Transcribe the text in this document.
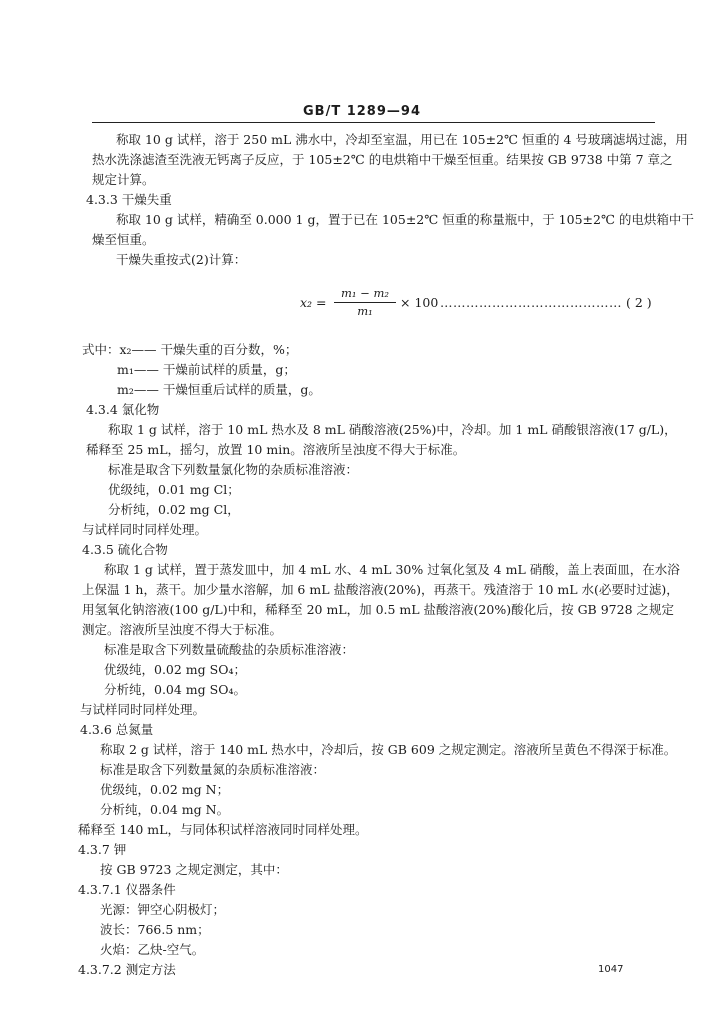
GB/T 1289—94
称取 10 g 试样，溶于 250 mL 沸水中，冷却至室温，用已在 105±2℃ 恒重的 4 号玻璃滤埚过滤，用
热水洗涤滤渣至洗液无钙离子反应，于 105±2℃ 的电烘箱中干燥至恒重。结果按 GB 9738 中第 7 章之
规定计算。
4.3.3 干燥失重
称取 10 g 试样，精确至 0.000 1 g，置于已在 105±2℃ 恒重的称量瓶中，于 105±2℃ 的电烘箱中干
燥至恒重。
干燥失重按式(2)计算：
x₂ =
m₁ − m₂
m₁
× 100 …………………………………… ( 2 )
式中：x₂—— 干燥失重的百分数，%；
m₁—— 干燥前试样的质量，g；
m₂—— 干燥恒重后试样的质量，g。
4.3.4 氯化物
称取 1 g 试样，溶于 10 mL 热水及 8 mL 硝酸溶液(25%)中，冷却。加 1 mL 硝酸银溶液(17 g/L)，
稀释至 25 mL，摇匀，放置 10 min。溶液所呈浊度不得大于标准。
标准是取含下列数量氯化物的杂质标准溶液：
优级纯，0.01 mg Cl；
分析纯，0.02 mg Cl，
与试样同时同样处理。
4.3.5 硫化合物
称取 1 g 试样，置于蒸发皿中，加 4 mL 水、4 mL 30% 过氧化氢及 4 mL 硝酸，盖上表面皿，在水浴
上保温 1 h，蒸干。加少量水溶解，加 6 mL 盐酸溶液(20%)，再蒸干。残渣溶于 10 mL 水(必要时过滤)，
用氢氧化钠溶液(100 g/L)中和，稀释至 20 mL，加 0.5 mL 盐酸溶液(20%)酸化后，按 GB 9728 之规定
测定。溶液所呈浊度不得大于标准。
标准是取含下列数量硫酸盐的杂质标准溶液：
优级纯，0.02 mg SO₄；
分析纯，0.04 mg SO₄。
与试样同时同样处理。
4.3.6 总氮量
称取 2 g 试样，溶于 140 mL 热水中，冷却后，按 GB 609 之规定测定。溶液所呈黄色不得深于标准。
标准是取含下列数量氮的杂质标准溶液：
优级纯，0.02 mg N；
分析纯，0.04 mg N。
稀释至 140 mL，与同体积试样溶液同时同样处理。
4.3.7 钾
按 GB 9723 之规定测定，其中：
4.3.7.1 仪器条件
光源：钾空心阴极灯；
波长：766.5 nm；
火焰：乙炔-空气。
4.3.7.2 测定方法	1047
